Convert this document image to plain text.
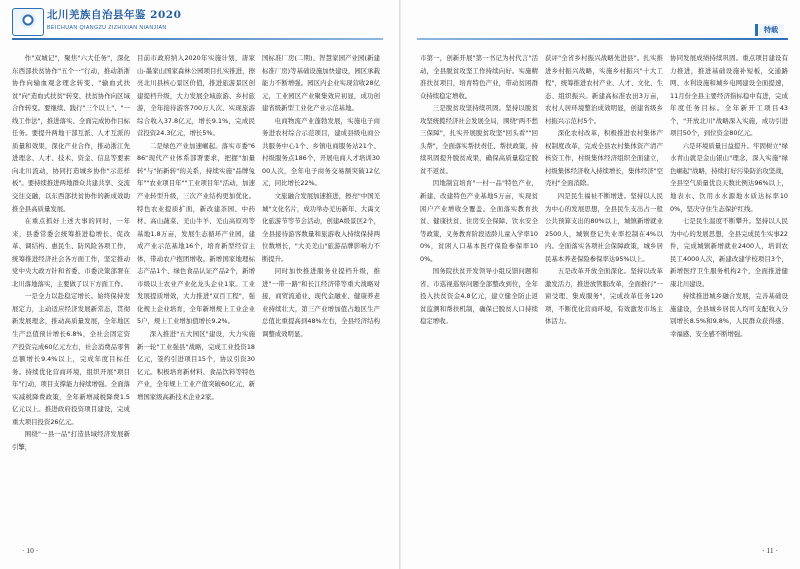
北川羌族自治县年鉴 2020
BEICHUAN QIANGZU ZIZHIXIAN NIANJIAN

作"双城记"，聚焦"六大任务"，深化东西部扶贫协作"五个一"行动，推动浙浙协作向输血观念理念转变、"输血式扶贫"向"造血式扶贫"转变、扶贫协作向区域合作转变。要继续、践行"三个以上"、"一线工作法"，推进落实、全面完成协作目标任务。要提升两地干部互派、人才互派的质量和效果，深化产业合作，推动浙江先进理念、人才、技术、资金、信息等要素向北川流动，协同打造城乡协作"示范样板"。要持续推进两地群众共建共享、交流交往交融，以东西部扶贫协作的新成效助推全县高质量发展。

在重点抓好上述大事的同时，一年来，县委常委会统筹推进稳增长、促改革、调结构、惠民生、防风险各项工作，统筹推进经济社会各方面工作，坚定推动党中央大政方针和省委、市委决策部署在北川落地落实，主要做了以下方面工作。

一是全力以赴稳定增长。始终保持发展定力，主动适应经济发展新常态，贯彻新发展理念，推动高质量发展，全年地区生产总值预计增长6.8%，全社会固定资产投资完成60亿元左右，社会消费品零售总额增长9.4%以上，完成年度目标任务。持续优化营商环境，组织开展"项目年"行动，项目支撑能力持续增强。全面落实减税降费政策，全年新增减税降费1.5亿元以上。推进政府投资项目建设，完成重大项目投资26亿元。

围绕"一县一品"打造县域经济发展新引擎，

目前市政府纳入2020年实施计划，唐家山-墨家山国家森林公园项目扎实推进，擦亮北川县核心景区价值，推进旅游景区创建提档升级，大力发展全域旅游、乡村旅游，全年接待游客700万人次、实现旅游综合收入37.8亿元，增长9.1%，完成民营投资24.3亿元，增长5%。

二是绿色产业加速崛起。落实市委"686"现代产业体系部署要求，把握"加量转"与"拓新转"的关系，持续实施"品牌兔年""农业项目年""工业项目年"活动，加速产业转型升级，三次产业结构更加优化。特色农业提质扩面，新改建茶园、中药材、高山蔬菜、羌山牛羊、羌山高原鸡等基地1.8万亩，发展生态循环产业园，建成产业示范基地16个，培育新型经营主体，带动农户抱团增收。新增国家地理标志产品1个、绿色食品认证产品2个，新增市级以上农业产业化龙头企业1家。工业发展提质增效，大力推进"双百工程"，强化规上企业培育，全年新增规上工业企业5户，规上工业增加值增长9.2%。

深入推进"五大园区"建设，大力实施新一轮"工业强县"战略，完成工业投资18亿元，签约引进项目15个，协议引资30亿元。积极培育新材料、食品饮料等特色产业，全年规上工业产值突破60亿元，新增国家级高新技术企业2家。

国标准厂房(二期)、智慧家园产业园(新建标准厂房)等基础设施加快建设，园区承载能力不断增强。园区内企业实现营收28亿元，工业园区产业聚集效应初显，成功创建省级新型工业化产业示范基地。

电商物流产业蓬勃发展，实施电子商务进农村综合示范项目，建成县级电商公共服务中心1个、乡镇电商服务站21个、村级服务点186个，开展电商人才培训3000人次，全年电子商务交易额突破12亿元，同比增长22%。

文旅融合发展加速推进，擦亮"中国羌城"文化名片，成功举办羌历新年、大禹文化旅游节等节会活动，创建A级景区2个，全县接待游客数量和旅游收入持续保持两位数增长，"大美羌山"旅游品牌影响力不断提升。

同时加快推进服务业提档升级，推进"一带一路"和长江经济带等重大战略对接，商贸流通业、现代金融业、健康养老业持续壮大，第三产业增加值占地区生产总值比重提高到48%左右，全县经济结构调整成效明显。

· 10 ·
特载

市第一，创新开展"第一书记为村代言"活动，全县脱贫攻坚工作持续向好。实施精准扶贫项目，培育特色产业，带动贫困群众持续稳定增收。

三是脱贫攻坚持续巩固。坚持以脱贫攻坚统揽经济社会发展全局，围绕"两不愁三保障"，扎实开展脱贫攻坚"回头看""回头帮"，全面落实帮扶责任、帮扶政策，持续巩固提升脱贫成果，确保高质量稳定脱贫不返贫。

因地制宜培育"一村一品"特色产业，新建、改建特色产业基地5万亩，实现贫困户产业增收全覆盖。全面落实教育扶贫、健康扶贫、住房安全保障、饮水安全等政策，义务教育阶段适龄儿童入学率100%，贫困人口基本医疗保险参保率100%。

国务院扶贫开发领导小组反馈问题和省、市巡视巡察问题全部整改到位，全年投入扶贫资金4.8亿元，建立健全防止返贫监测和帮扶机制，确保已脱贫人口持续稳定增收。

获评"全省乡村振兴战略先进县"。扎实推进乡村振兴战略，实施乡村振兴"十大工程"，统筹推进农村产业、人才、文化、生态、组织振兴。新建高标准农田3万亩，农村人居环境整治成效明显，创建省级乡村振兴示范村5个。

深化农村改革，积极推进农村集体产权制度改革，完成全县农村集体资产清产核资工作，村级集体经济组织全面建立，村级集体经济收入持续增长，集体经济"空壳村"全面消除。

四是民生福祉不断增进。坚持以人民为中心的发展思想，全县民生支出占一般公共预算支出的80%以上，城镇新增就业2500人，城镇登记失业率控制在4%以内。全面落实各项社会保障政策，城乡居民基本养老保险参保率达95%以上。

五是改革开放全面深化。坚持以改革激发活力，推进放管服改革，全面推行"一窗受理、集成服务"，完成改革任务120项，不断优化营商环境，有效激发市场主体活力。

协同发展成绩持续巩固。重点项目建设有力推进，推进基础设施补短板，交通路网、水利设施和城乡电网建设全面提速，11月份全县主要经济指标稳中有进，完成年度任务目标。全年新开工项目43个，"开放北川"战略深入实施，成功引进项目50个，到位资金80亿元。

六是环境质量日益提升。牢固树立"绿水青山就是金山银山"理念，深入实施"绿色崛起"战略，持续打好污染防治攻坚战，全县空气质量优良天数比例达96%以上，地表水、饮用水水源地水质达标率100%，坚决守住生态保护红线。

七是民生温度不断攀升。坚持以人民为中心的发展思想，全县完成民生实事22件，完成城镇新增就业2400人，培训农民工4000人次，新建改建学校项目3个，新增医疗卫生服务机构2个，全面推进健康北川建设。

持续推进城乡融合发展，完善基础设施建设，全县城乡居民人均可支配收入分别增长8.5%和9.8%，人民群众获得感、幸福感、安全感不断增强。

· 11 ·
